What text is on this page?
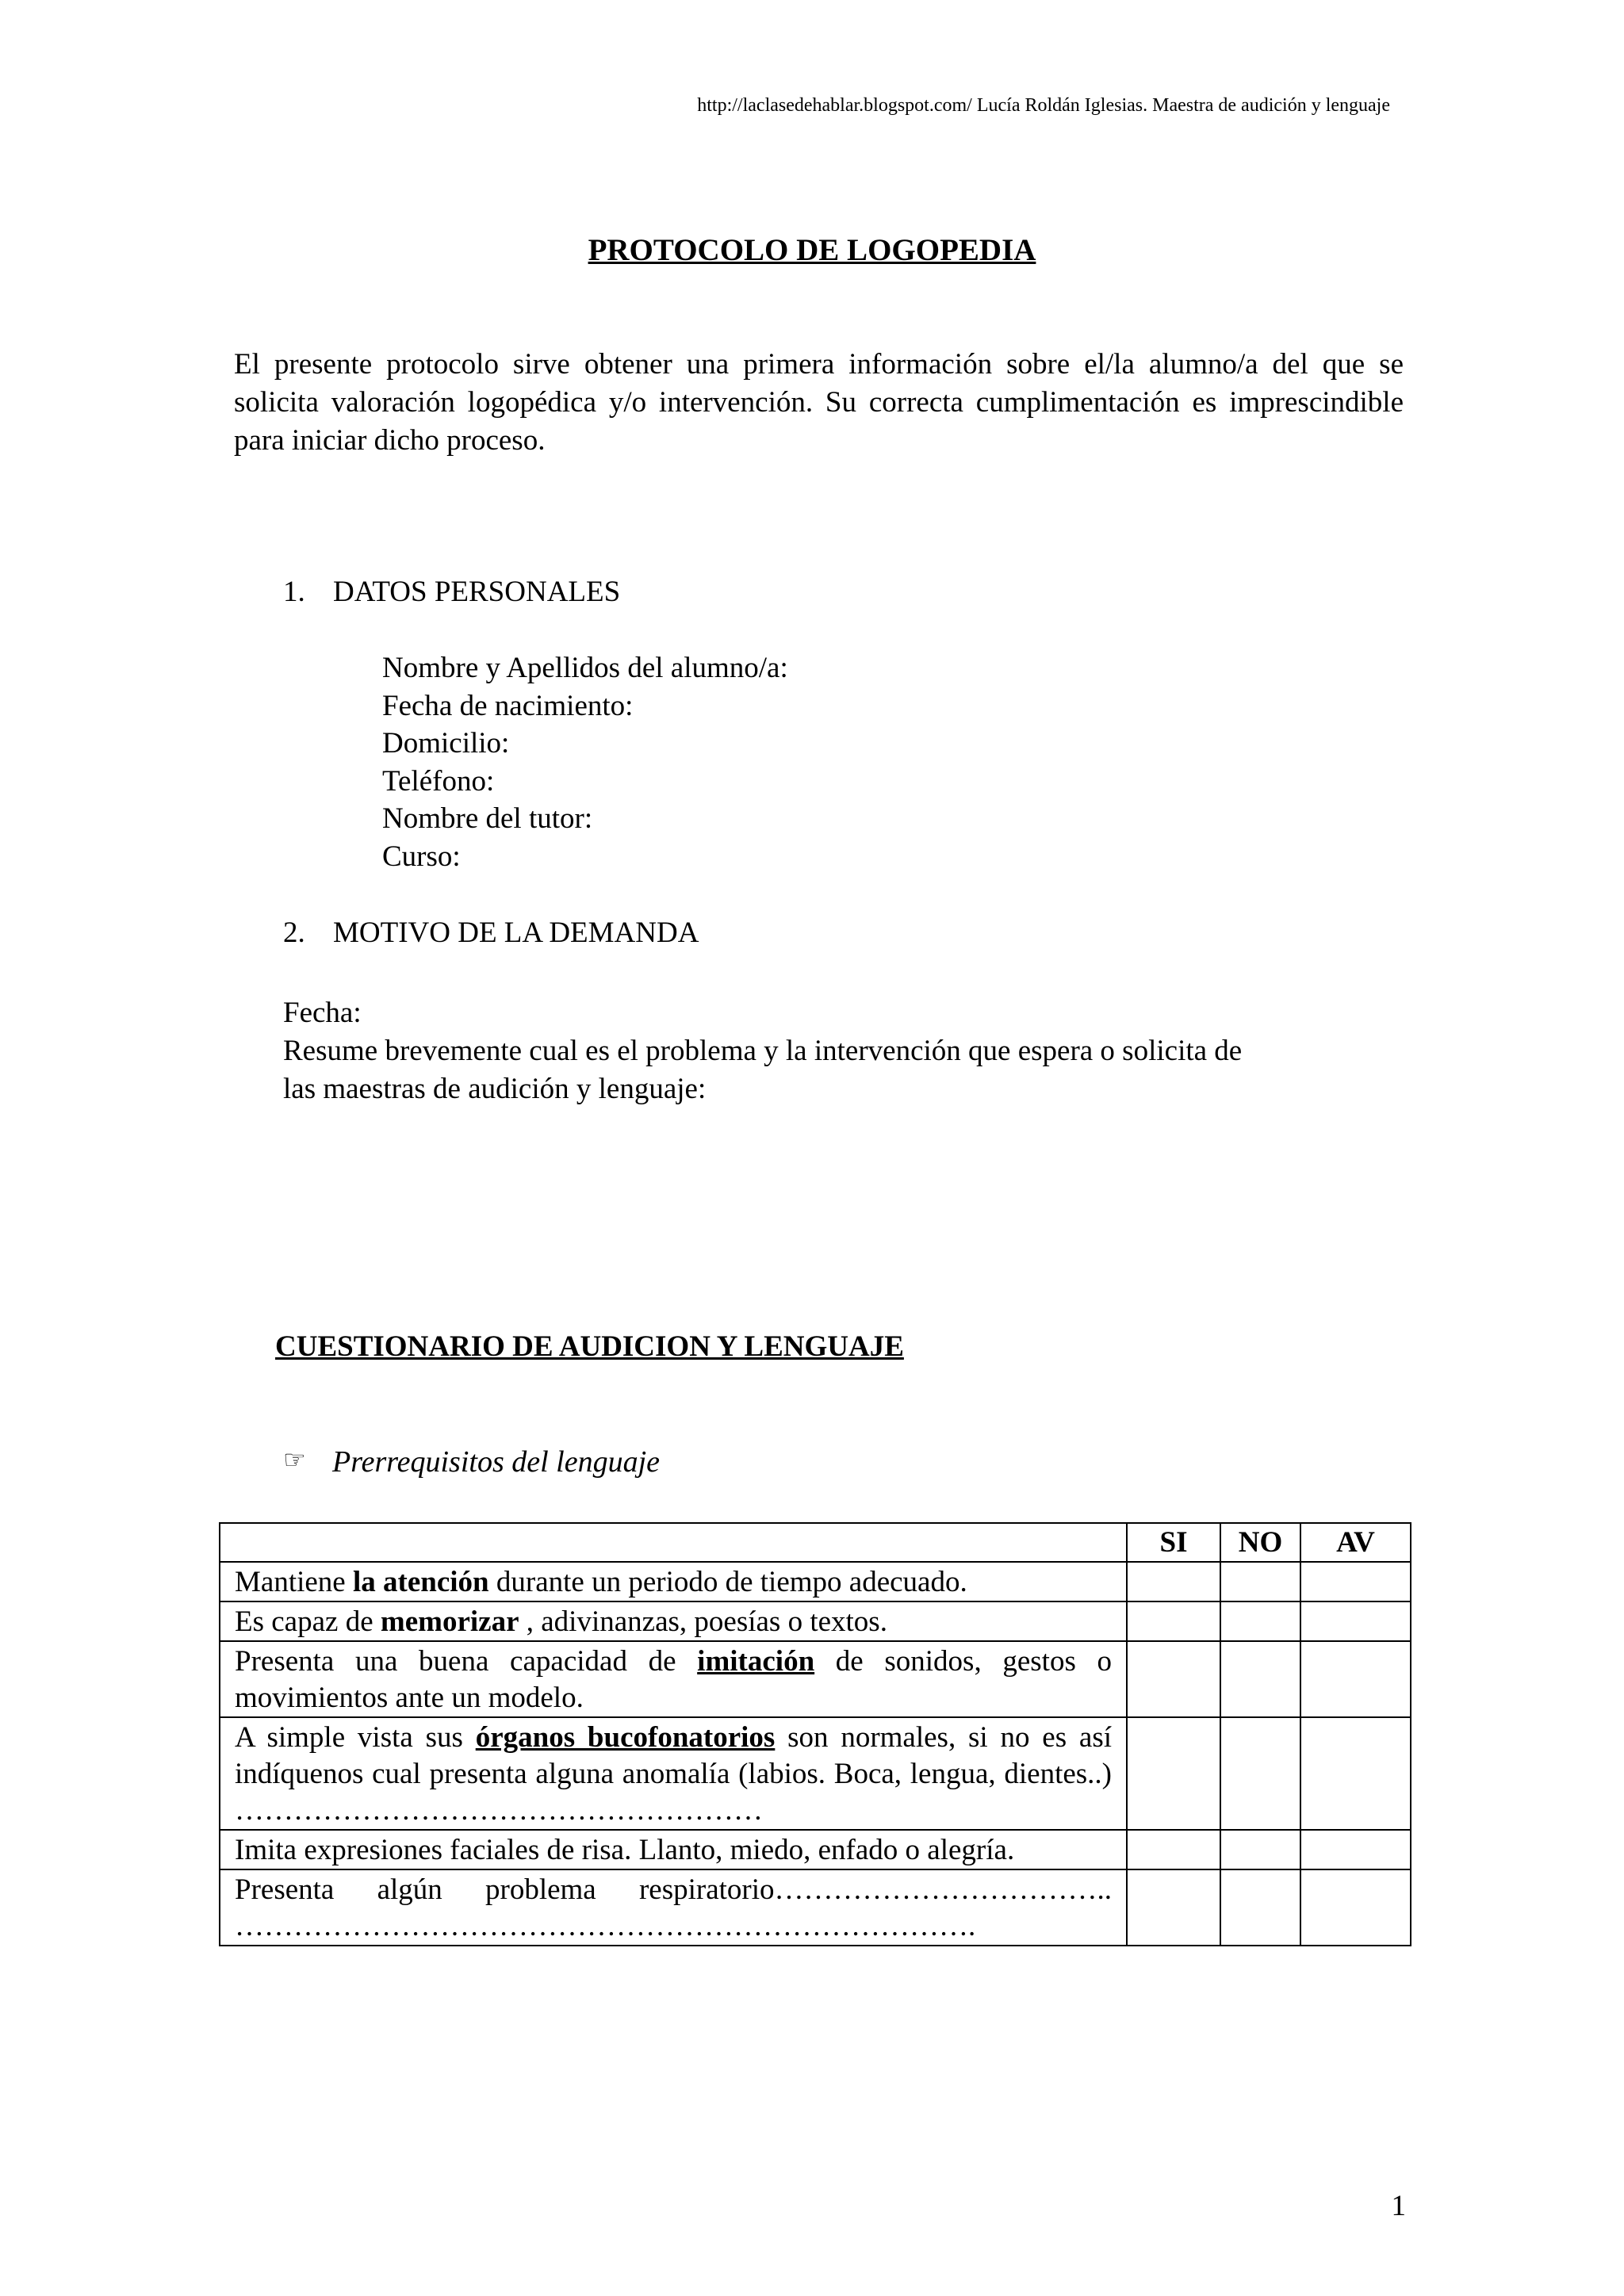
http://laclasedehablar.blogspot.com/ Lucía Roldán Iglesias. Maestra de audición y lenguaje
PROTOCOLO DE LOGOPEDIA

El presente protocolo sirve obtener una primera información sobre el/la alumno/a del que se solicita valoración logopédica y/o intervención. Su correcta cumplimentación es imprescindible para iniciar dicho proceso.

1. DATOS PERSONALES
Nombre y Apellidos del alumno/a:
Fecha de nacimiento:
Domicilio:
Teléfono:
Nombre del tutor:
Curso:
2. MOTIVO DE LA DEMANDA
Fecha:
Resume brevemente cual es el problema y la intervención que espera o solicita de
las maestras de audición y lenguaje:
CUESTIONARIO DE AUDICION Y LENGUAJE
☞ Prerrequisitos del lenguaje
	SI	NO	AV
Mantiene la atención durante un periodo de tiempo adecuado.			
Es capaz de memorizar , adivinanzas, poesías o textos.			
Presenta una buena capacidad de imitación de sonidos, gestos o movimientos ante un modelo.			
A simple vista sus órganos bucofonatorios son normales, si no es así indíquenos cual presenta alguna anomalía (labios. Boca, lengua, dientes..) ………………………………………………			
Imita expresiones faciales de risa. Llanto, miedo, enfado o alegría.			
Presenta algún problema respiratorio…………………………….. ………………………………………………………………….			
1
